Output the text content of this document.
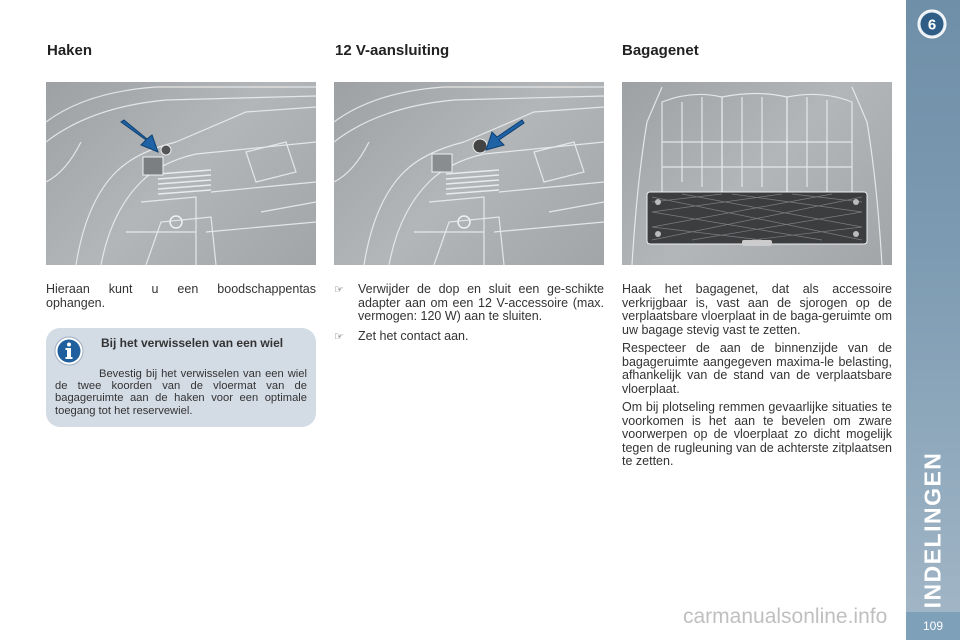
Haken	12 V-aansluiting	Bagagenet
Hieraan kunt u een boodschappentas ophangen.
Bij het verwisselen van een wiel
Bevestig bij het verwisselen van een wiel de twee koorden van de vloermat van de bagageruimte aan de haken voor een optimale toegang tot het reservewiel.
☞	Verwijder de dop en sluit een ge-schikte adapter aan om een 12 V-accessoire (max. vermogen: 120 W) aan te sluiten.
☞	Zet het contact aan.

Haak het bagagenet, dat als accessoire verkrijgbaar is, vast aan de sjorogen op de verplaatsbare vloerplaat in de baga-geruimte om uw bagage stevig vast te zetten.

Respecteer de aan de binnenzijde van de bagageruimte aangegeven maxima-le belasting, afhankelijk van de stand van de verplaatsbare vloerplaat.

Om bij plotseling remmen gevaarlijke situaties te voorkomen is het aan te bevelen om zware voorwerpen op de vloerplaat zo dicht mogelijk tegen de rugleuning van de achterste zitplaatsen te zetten.

6
INDELINGEN
109
carmanualsonline.info
